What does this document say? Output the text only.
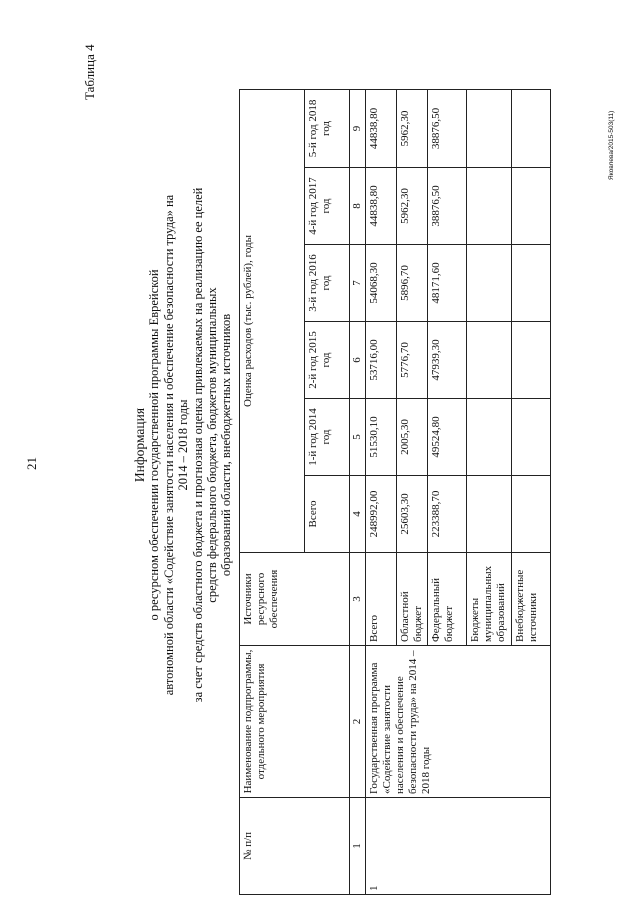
21
Таблица 4
Информация о ресурсном обеспечении государственной программы Еврейской автономной области «Содействие занятости населения и обеспечение безопасности труда» на 2014 – 2018 годы за счет средств областного бюджета и прогнозная оценка привлекаемых на реализацию ее целей средств федерального бюджета, бюджетов муниципальных образований области, внебюджетных источников
№ п/п	Наименование подпрограммы, отдельного мероприятия	Источники ресурсного обеспечения	Оценка расходов (тыс. рублей), годы					
			Всего	1-й год 2014 год	2-й год 2015 год	3-й год 2016 год	4-й год 2017 год	5-й год 2018 год
1	2	3	4	5	6	7	8	9
1	Государственная программа «Содействие занятости населения и обеспечение безопасности труда» на 2014 – 2018 годы	Всего	248992,00	51530,10	53716,00	54068,30	44838,80	44838,80
		Областной бюджет	25603,30	2005,30	5776,70	5896,70	5962,30	5962,30
		Федеральный бюджет	223388,70	49524,80	47939,30	48171,60	38876,50	38876,50
		Бюджеты муниципальных образований						
		Внебюджетные источники						
Яковлева/2015-503(11)
